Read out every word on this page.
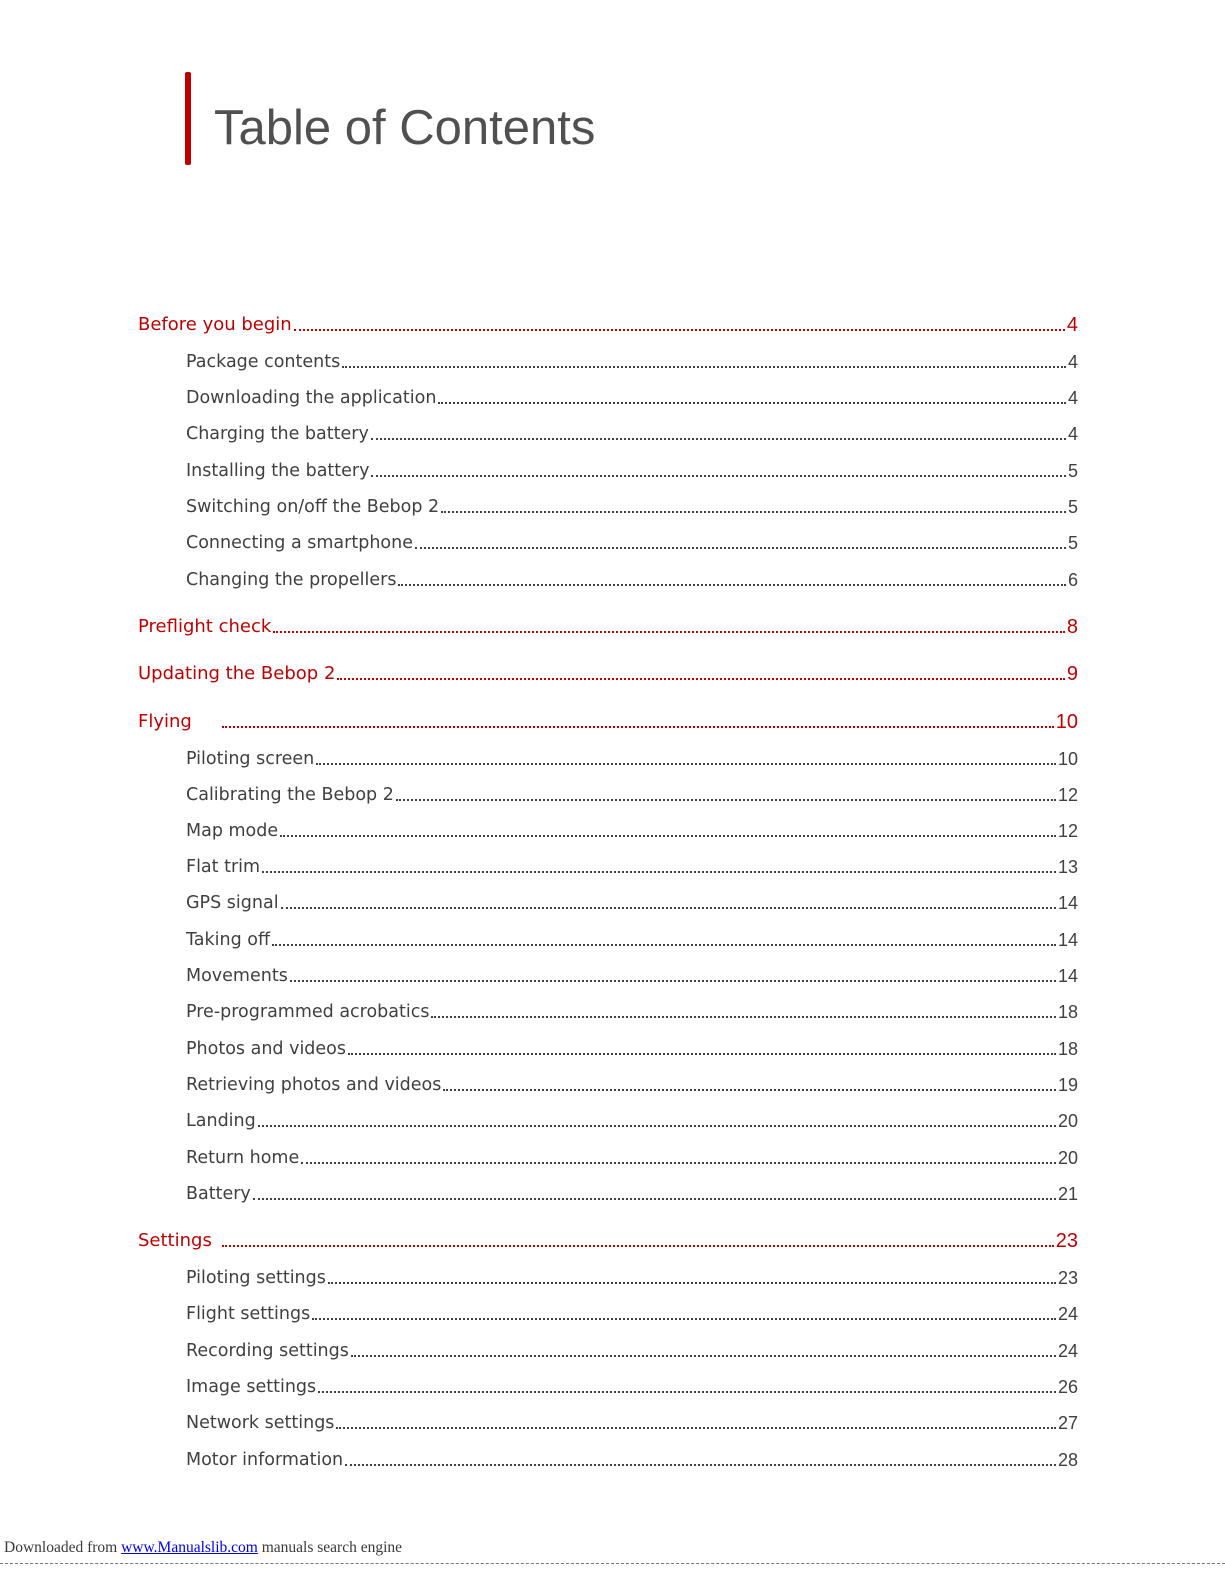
Table of Contents
Before you begin	4
Package contents	4
Downloading the application	4
Charging the battery	4
Installing the battery	5
Switching on/off the Bebop 2	5
Connecting a smartphone	5
Changing the propellers	6
Preflight check	8
Updating the Bebop 2	9
Flying	10
Piloting screen	10
Calibrating the Bebop 2	12
Map mode	12
Flat trim	13
GPS signal	14
Taking off	14
Movements	14
Pre-programmed acrobatics	18
Photos and videos	18
Retrieving photos and videos	19
Landing	20
Return home	20
Battery	21
Settings	23
Piloting settings	23
Flight settings	24
Recording settings	24
Image settings	26
Network settings	27
Motor information	28
Downloaded from www.Manualslib.com manuals search engine
